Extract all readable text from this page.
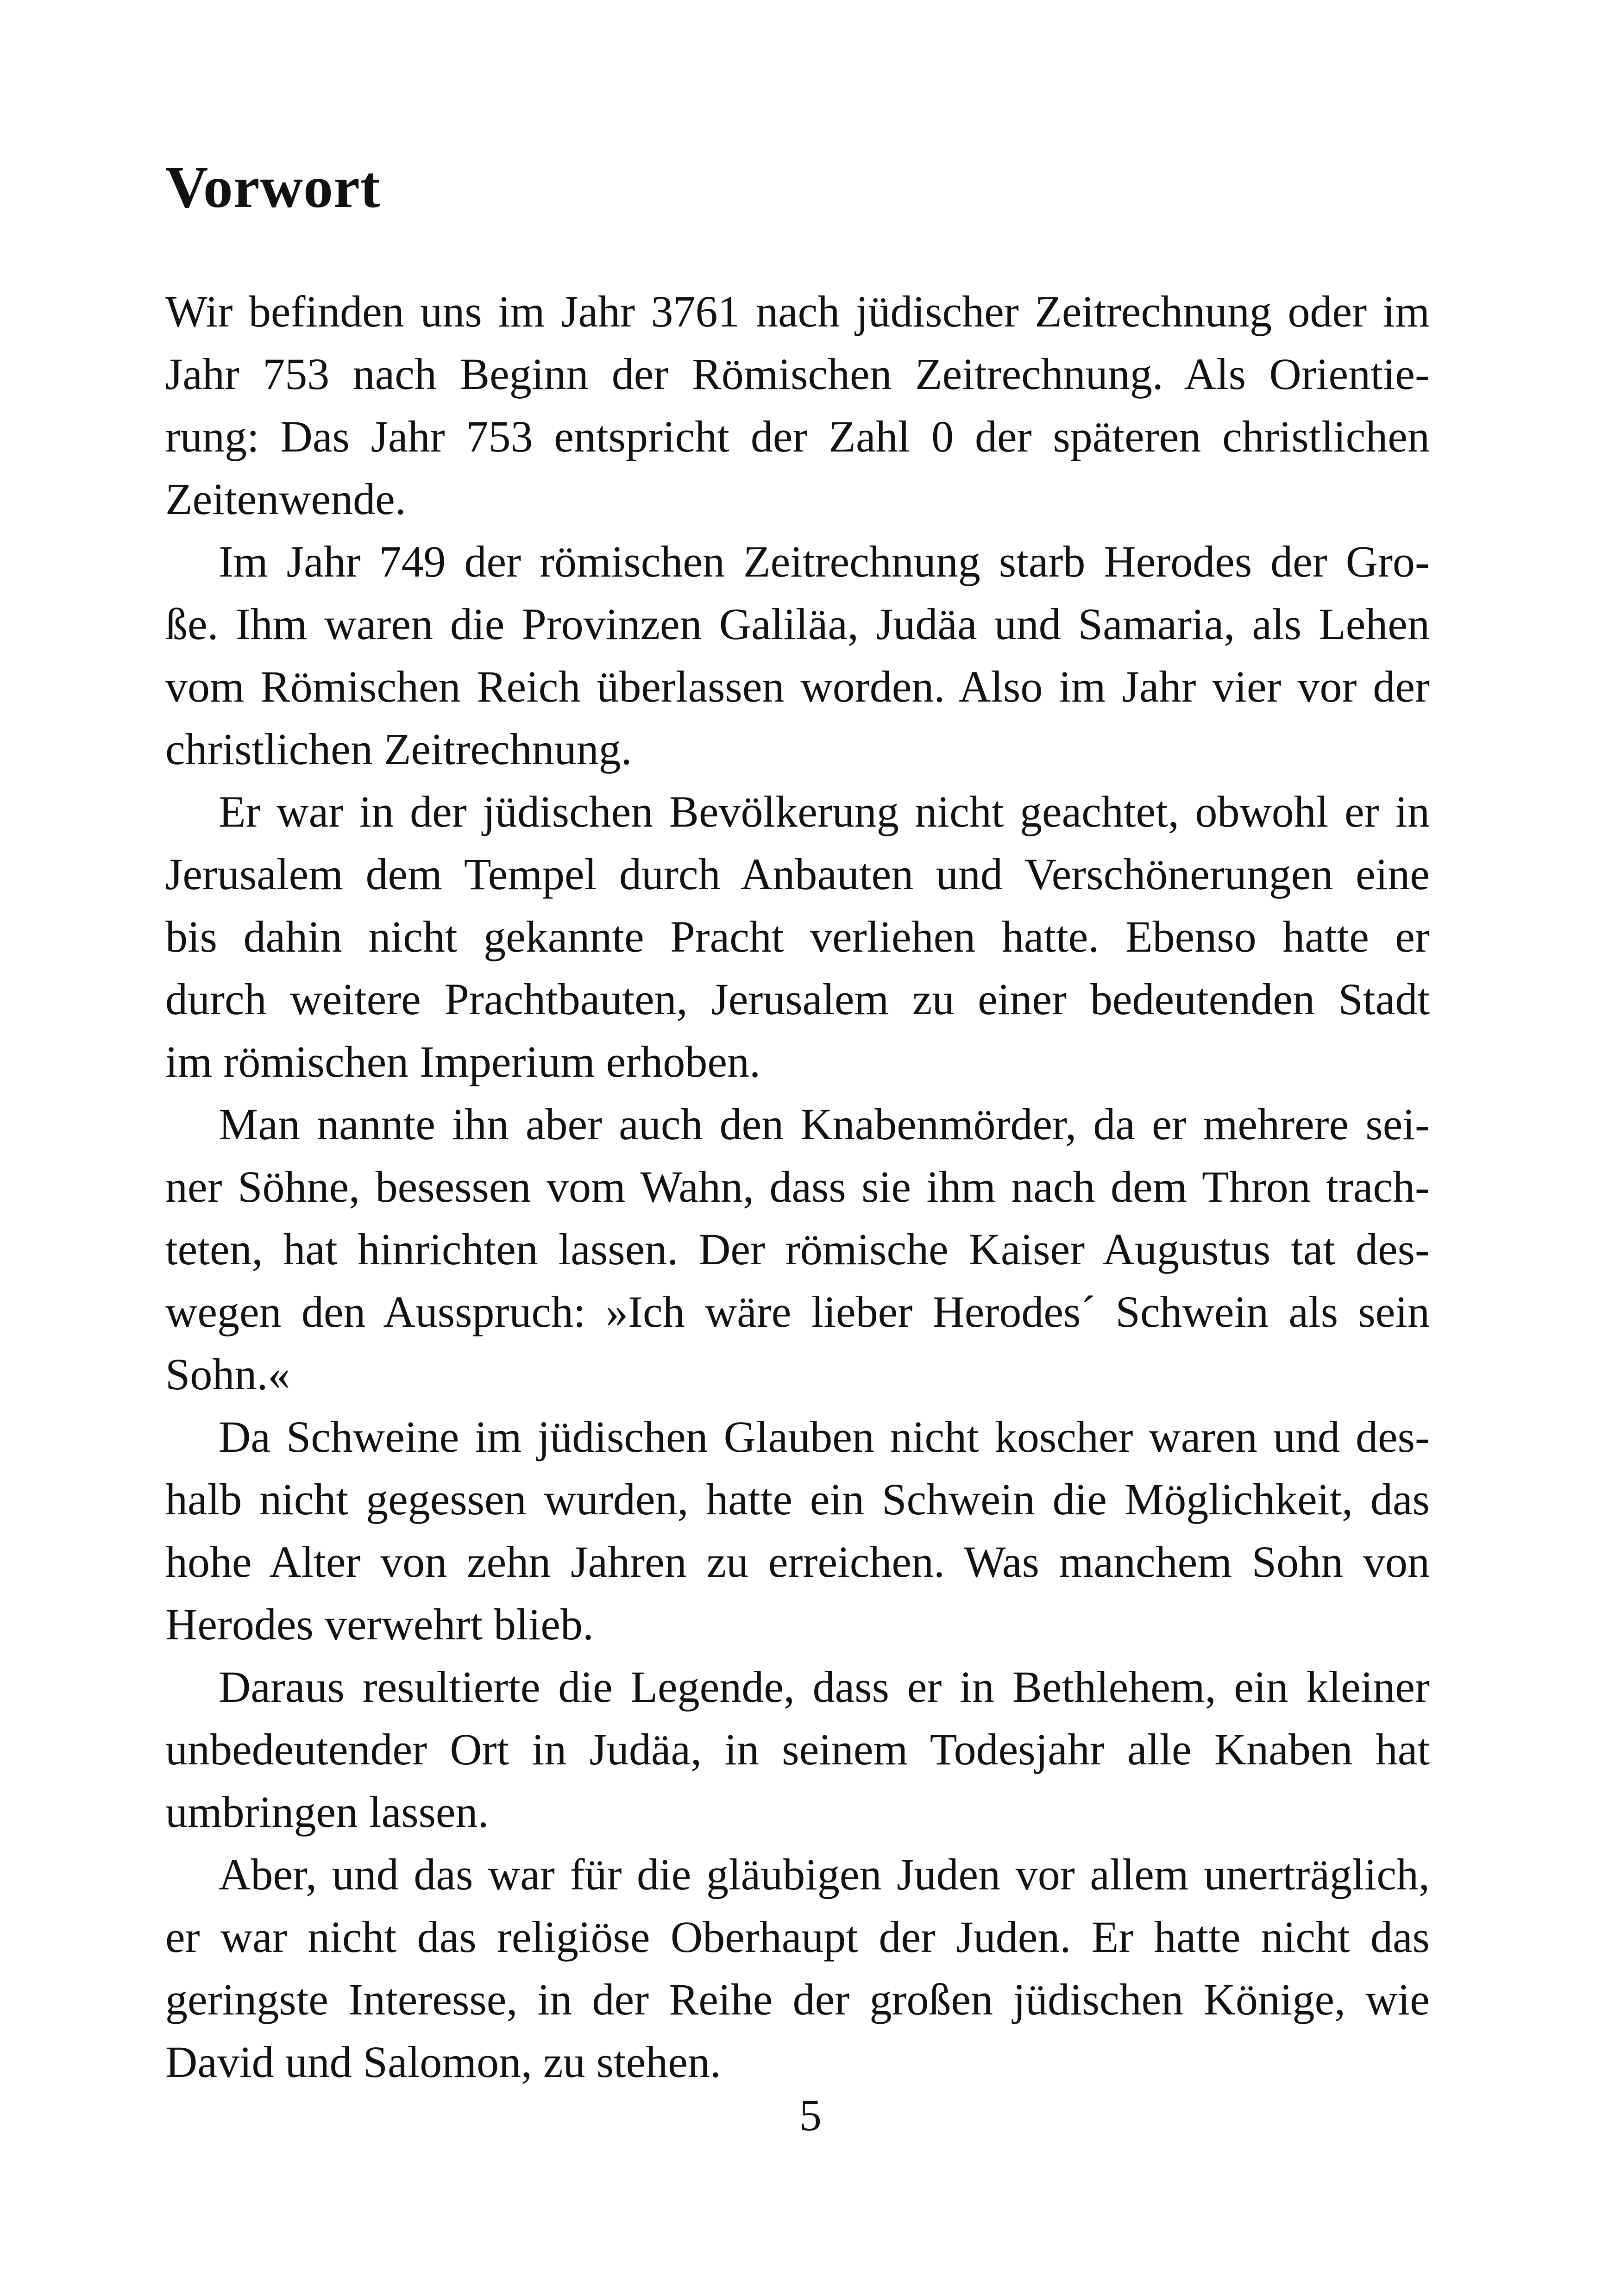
Vorwort

Wir befinden uns im Jahr 3761 nach jüdischer Zeitrechnung oder im
Jahr 753 nach Beginn der Römischen Zeitrechnung. Als Orientie-
rung: Das Jahr 753 entspricht der Zahl 0 der späteren christlichen
Zeitenwende.

Im Jahr 749 der römischen Zeitrechnung starb Herodes der Gro-
ße. Ihm waren die Provinzen Galiläa, Judäa und Samaria, als Lehen
vom Römischen Reich überlassen worden. Also im Jahr vier vor der
christlichen Zeitrechnung.

Er war in der jüdischen Bevölkerung nicht geachtet, obwohl er in
Jerusalem dem Tempel durch Anbauten und Verschönerungen eine
bis dahin nicht gekannte Pracht verliehen hatte. Ebenso hatte er
durch weitere Prachtbauten, Jerusalem zu einer bedeutenden Stadt
im römischen Imperium erhoben.

Man nannte ihn aber auch den Knabenmörder, da er mehrere sei-
ner Söhne, besessen vom Wahn, dass sie ihm nach dem Thron trach-
teten, hat hinrichten lassen. Der römische Kaiser Augustus tat des-
wegen den Ausspruch: »Ich wäre lieber Herodes´ Schwein als sein
Sohn.«

Da Schweine im jüdischen Glauben nicht koscher waren und des-
halb nicht gegessen wurden, hatte ein Schwein die Möglichkeit, das
hohe Alter von zehn Jahren zu erreichen. Was manchem Sohn von
Herodes verwehrt blieb.

Daraus resultierte die Legende, dass er in Bethlehem, ein kleiner
unbedeutender Ort in Judäa, in seinem Todesjahr alle Knaben hat
umbringen lassen.

Aber, und das war für die gläubigen Juden vor allem unerträglich,
er war nicht das religiöse Oberhaupt der Juden. Er hatte nicht das
geringste Interesse, in der Reihe der großen jüdischen Könige, wie
David und Salomon, zu stehen.

5
